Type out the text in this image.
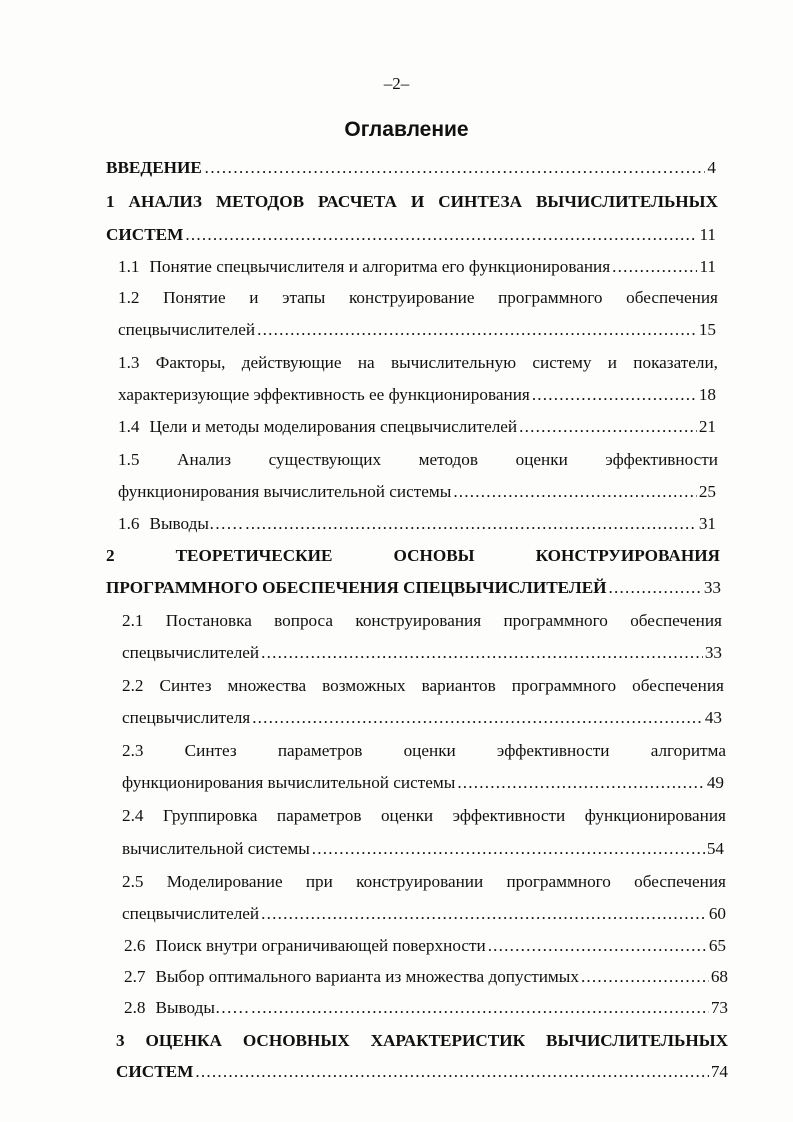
–2–
Оглавление
ВВЕДЕНИЕ …………………………………………………………………………………………………………………………………………	4
1 АНАЛИЗ МЕТОДОВ РАСЧЕТА И СИНТЕЗА ВЫЧИСЛИТЕЛЬНЫХ
СИСТЕМ .....	11
1.1 Понятие спецвычислителя и алгоритма его функционирования .....	11
1.2 Понятие и этапы конструирование программного обеспечения
спецвычислителей .....	15
1.3 Факторы, действующие на вычислительную систему и показатели,
характеризующие эффективность ее функционирования .....	18
1.4 Цели и методы моделирования спецвычислителей .....	21
1.5 Анализ существующих методов оценки эффективности
функционирования вычислительной системы .....	25
1.6 Выводы…… .....	31
2	ТЕОРЕТИЧЕСКИЕ	ОСНОВЫ	КОНСТРУИРОВАНИЯ
ПРОГРАММНОГО ОБЕСПЕЧЕНИЯ СПЕЦВЫЧИСЛИТЕЛЕЙ .....	33
2.1 Постановка вопроса конструирования программного обеспечения
спецвычислителей .....	33
2.2 Синтез множества возможных вариантов программного обеспечения
спецвычислителя .....	43
2.3 Синтез параметров оценки эффективности алгоритма
функционирования вычислительной системы .....	49
2.4 Группировка параметров оценки эффективности функционирования
вычислительной системы .....	54
2.5 Моделирование при конструировании программного обеспечения
спецвычислителей .....	60
2.6 Поиск внутри ограничивающей поверхности .....	65
2.7 Выбор оптимального варианта из множества допустимых .....	68
2.8 Выводы…… .....	73
3 ОЦЕНКА ОСНОВНЫХ ХАРАКТЕРИСТИК ВЫЧИСЛИТЕЛЬНЫХ
СИСТЕМ .....	74
